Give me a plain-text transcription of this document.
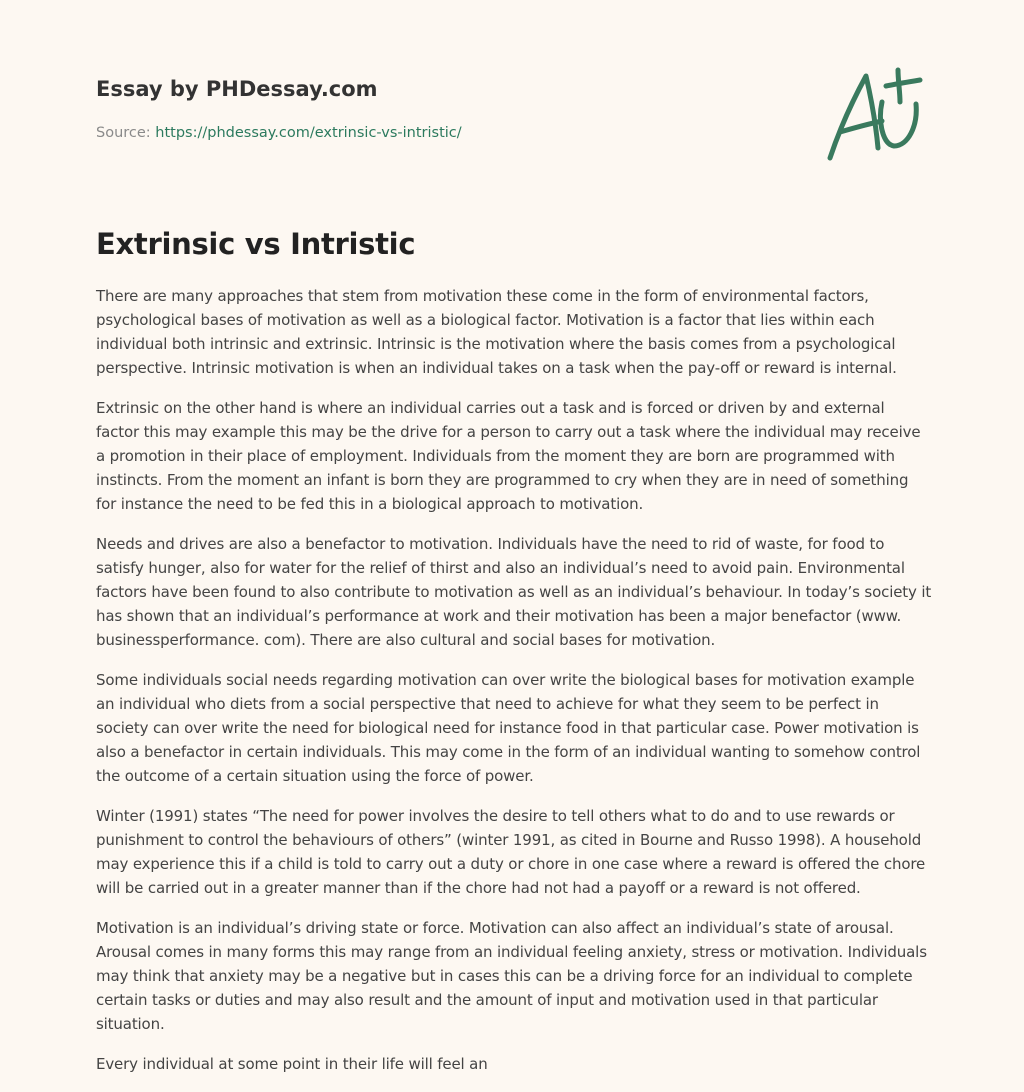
Essay by PHDessay.com
Source: https://phdessay.com/extrinsic-vs-intristic/
Extrinsic vs Intristic

There are many approaches that stem from motivation these come in the form of environmental factors, psychological bases of motivation as well as a biological factor. Motivation is a factor that lies within each individual both intrinsic and extrinsic. Intrinsic is the motivation where the basis comes from a psychological perspective. Intrinsic motivation is when an individual takes on a task when the pay-off or reward is internal.

Extrinsic on the other hand is where an individual carries out a task and is forced or driven by and external factor this may example this may be the drive for a person to carry out a task where the individual may receive a promotion in their place of employment. Individuals from the moment they are born are programmed with instincts. From the moment an infant is born they are programmed to cry when they are in need of something for instance the need to be fed this in a biological approach to motivation.

Needs and drives are also a benefactor to motivation. Individuals have the need to rid of waste, for food to satisfy hunger, also for water for the relief of thirst and also an individual’s need to avoid pain. Environmental factors have been found to also contribute to motivation as well as an individual’s behaviour. In today’s society it has shown that an individual’s performance at work and their motivation has been a major benefactor (www. businessperformance. com). There are also cultural and social bases for motivation.

Some individuals social needs regarding motivation can over write the biological bases for motivation example an individual who diets from a social perspective that need to achieve for what they seem to be perfect in society can over write the need for biological need for instance food in that particular case. Power motivation is also a benefactor in certain individuals. This may come in the form of an individual wanting to somehow control the outcome of a certain situation using the force of power.

Winter (1991) states “The need for power involves the desire to tell others what to do and to use rewards or punishment to control the behaviours of others” (winter 1991, as cited in Bourne and Russo 1998). A household may experience this if a child is told to carry out a duty or chore in one case where a reward is offered the chore will be carried out in a greater manner than if the chore had not had a payoff or a reward is not offered.

Motivation is an individual’s driving state or force. Motivation can also affect an individual’s state of arousal. Arousal comes in many forms this may range from an individual feeling anxiety, stress or motivation. Individuals may think that anxiety may be a negative but in cases this can be a driving force for an individual to complete certain tasks or duties and may also result and the amount of input and motivation used in that particular situation.

Every individual at some point in their life will feel an
